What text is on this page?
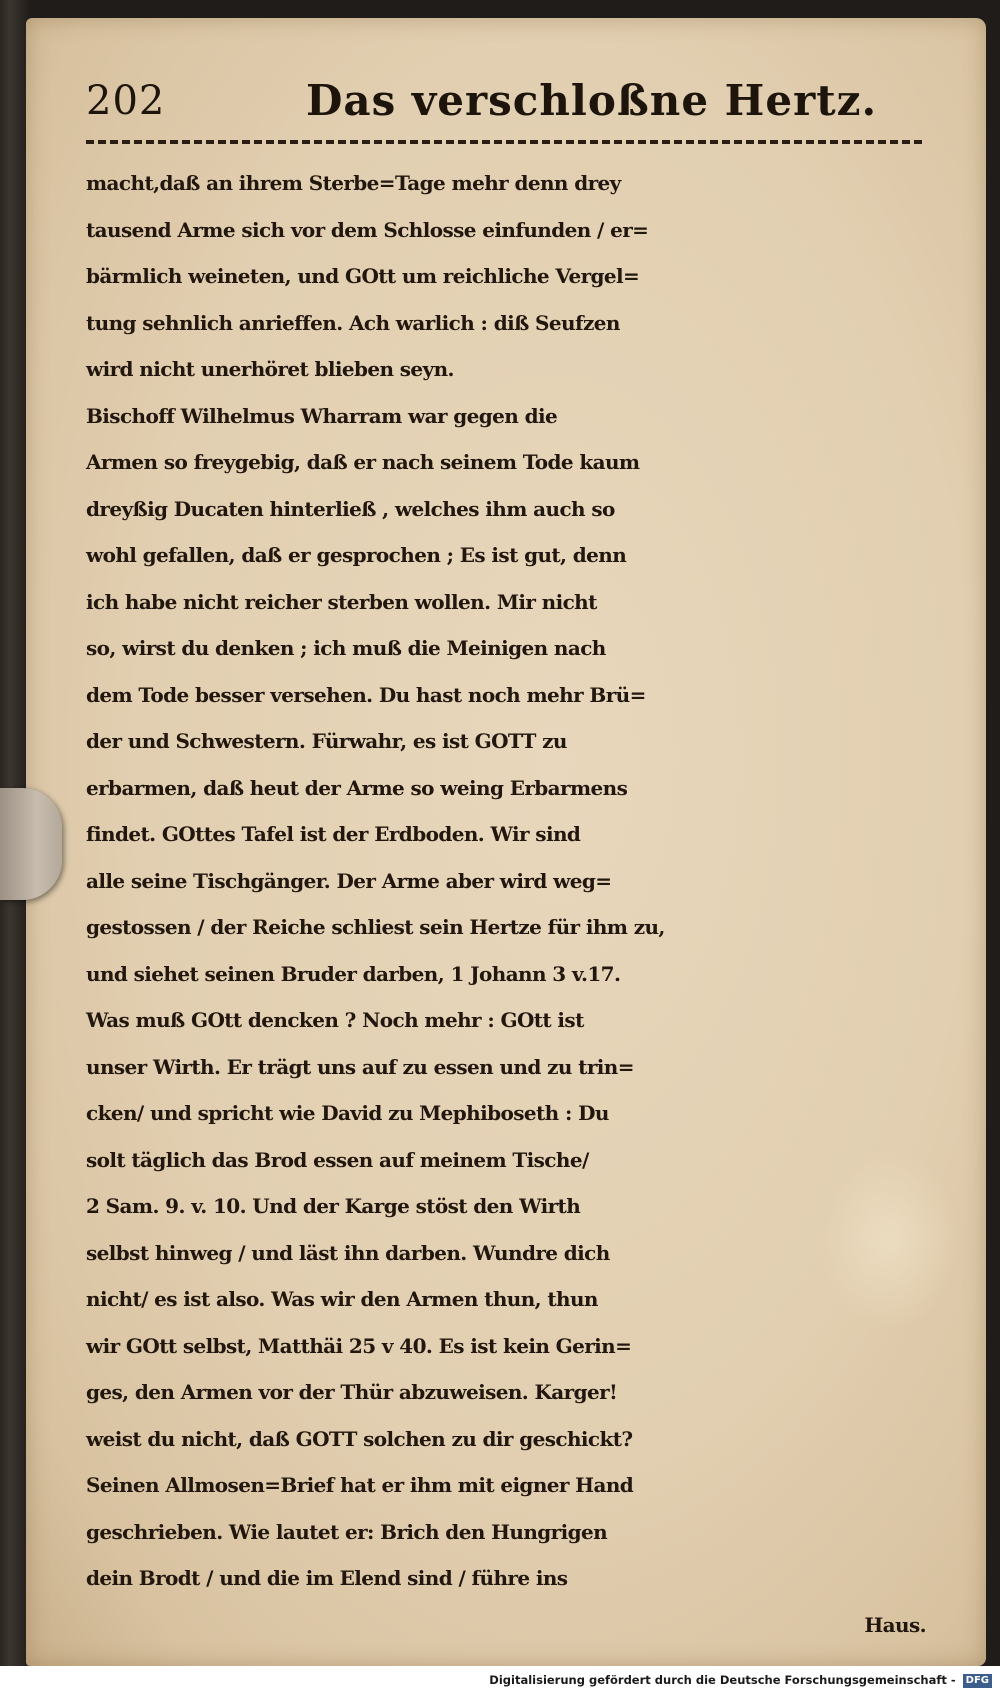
202	Das verschloßne Hertz.
macht,daß an ihrem Sterbe=Tage mehr denn drey
tausend Arme sich vor dem Schlosse einfunden / er=
bärmlich weineten, und GOtt um reichliche Vergel=
tung sehnlich anrieffen. Ach warlich : diß Seufzen
wird nicht unerhöret blieben seyn.
Bischoff Wilhelmus Wharram war gegen die
Armen so freygebig, daß er nach seinem Tode kaum
dreyßig Ducaten hinterließ , welches ihm auch so
wohl gefallen, daß er gesprochen ; Es ist gut, denn
ich habe nicht reicher sterben wollen. Mir nicht
so, wirst du denken ; ich muß die Meinigen nach
dem Tode besser versehen. Du hast noch mehr Brü=
der und Schwestern. Fürwahr, es ist GOTT zu
erbarmen, daß heut der Arme so weing Erbarmens
findet. GOttes Tafel ist der Erdboden. Wir sind
alle seine Tischgänger. Der Arme aber wird weg=
gestossen / der Reiche schliest sein Hertze für ihm zu,
und siehet seinen Bruder darben, 1 Johann 3 v.17.
Was muß GOtt dencken ? Noch mehr : GOtt ist
unser Wirth. Er trägt uns auf zu essen und zu trin=
cken/ und spricht wie David zu Mephiboseth : Du
solt täglich das Brod essen auf meinem Tische/
2 Sam. 9. v. 10. Und der Karge stöst den Wirth
selbst hinweg / und läst ihn darben. Wundre dich
nicht/ es ist also. Was wir den Armen thun, thun
wir GOtt selbst, Matthäi 25 v 40. Es ist kein Gerin=
ges, den Armen vor der Thür abzuweisen. Karger!
weist du nicht, daß GOTT solchen zu dir geschickt?
Seinen Allmosen=Brief hat er ihm mit eigner Hand
geschrieben. Wie lautet er: Brich den Hungrigen
dein Brodt / und die im Elend sind / führe ins
Haus.
Digitalisierung gefördert durch die Deutsche Forschungsgemeinschaft - DFG
